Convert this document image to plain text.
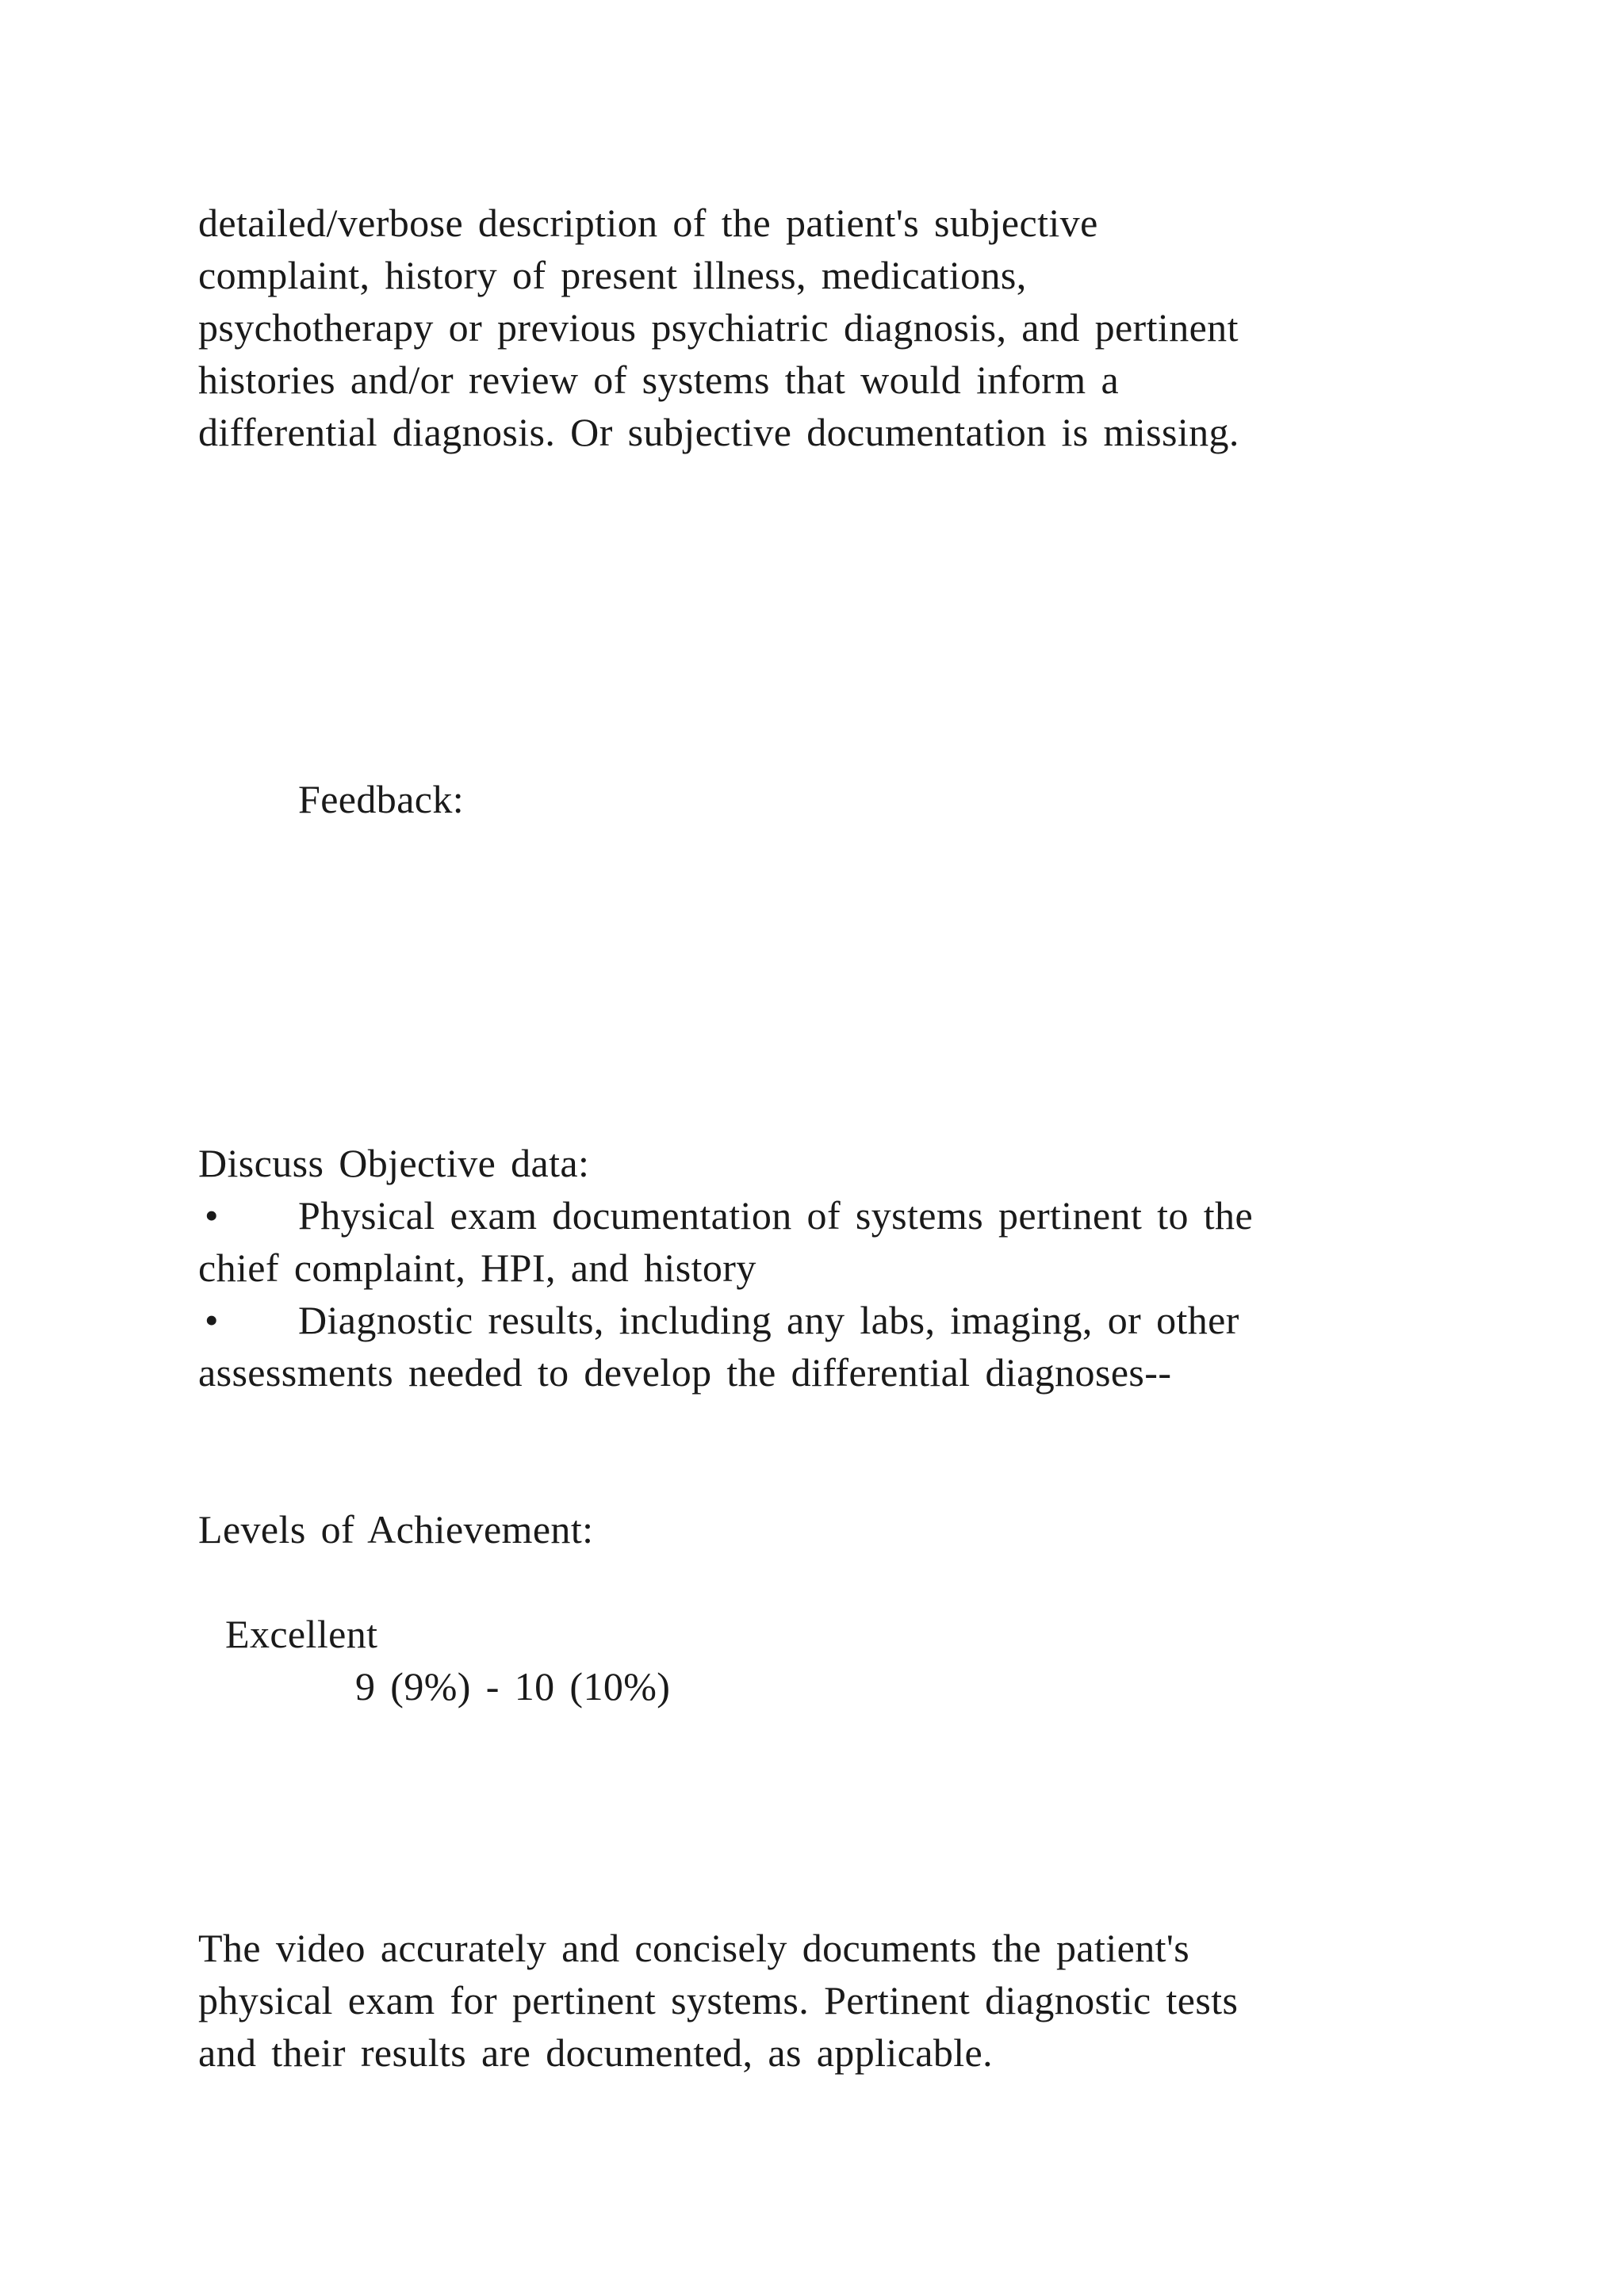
detailed/verbose description of the patient's subjective
complaint, history of present illness, medications,
psychotherapy or previous psychiatric diagnosis, and pertinent
histories and/or review of systems that would inform a
differential diagnosis. Or subjective documentation is missing.
Feedback:
Discuss Objective data:
• Physical exam documentation of systems pertinent to the
chief complaint, HPI, and history
• Diagnostic results, including any labs, imaging, or other
assessments needed to develop the differential diagnoses--
Levels of Achievement:
Excellent
9 (9%) - 10 (10%)
The video accurately and concisely documents the patient's
physical exam for pertinent systems. Pertinent diagnostic tests
and their results are documented, as applicable.
